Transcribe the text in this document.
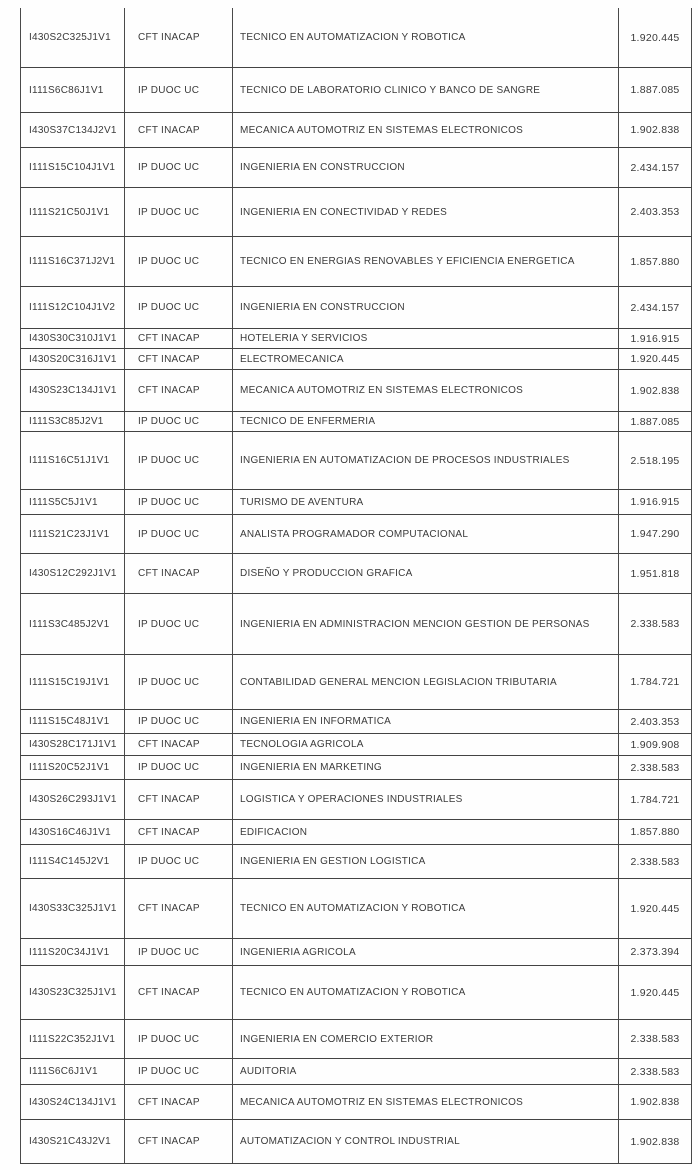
I430S2C325J1V1	CFT INACAP	TECNICO EN AUTOMATIZACION Y ROBOTICA	1.920.445
I111S6C86J1V1	IP DUOC UC	TECNICO DE LABORATORIO CLINICO Y BANCO DE SANGRE	1.887.085
I430S37C134J2V1	CFT INACAP	MECANICA AUTOMOTRIZ EN SISTEMAS ELECTRONICOS	1.902.838
I111S15C104J1V1	IP DUOC UC	INGENIERIA EN CONSTRUCCION	2.434.157
I111S21C50J1V1	IP DUOC UC	INGENIERIA EN CONECTIVIDAD Y REDES	2.403.353
I111S16C371J2V1	IP DUOC UC	TECNICO EN ENERGIAS RENOVABLES Y EFICIENCIA ENERGETICA	1.857.880
I111S12C104J1V2	IP DUOC UC	INGENIERIA EN CONSTRUCCION	2.434.157
I430S30C310J1V1	CFT INACAP	HOTELERIA Y SERVICIOS	1.916.915
I430S20C316J1V1	CFT INACAP	ELECTROMECANICA	1.920.445
I430S23C134J1V1	CFT INACAP	MECANICA AUTOMOTRIZ EN SISTEMAS ELECTRONICOS	1.902.838
I111S3C85J2V1	IP DUOC UC	TECNICO DE ENFERMERIA	1.887.085
I111S16C51J1V1	IP DUOC UC	INGENIERIA EN AUTOMATIZACION DE PROCESOS INDUSTRIALES	2.518.195
I111S5C5J1V1	IP DUOC UC	TURISMO DE AVENTURA	1.916.915
I111S21C23J1V1	IP DUOC UC	ANALISTA PROGRAMADOR COMPUTACIONAL	1.947.290
I430S12C292J1V1	CFT INACAP	DISEÑO Y PRODUCCION GRAFICA	1.951.818
I111S3C485J2V1	IP DUOC UC	INGENIERIA EN ADMINISTRACION MENCION GESTION DE PERSONAS	2.338.583
I111S15C19J1V1	IP DUOC UC	CONTABILIDAD GENERAL MENCION LEGISLACION TRIBUTARIA	1.784.721
I111S15C48J1V1	IP DUOC UC	INGENIERIA EN INFORMATICA	2.403.353
I430S28C171J1V1	CFT INACAP	TECNOLOGIA AGRICOLA	1.909.908
I111S20C52J1V1	IP DUOC UC	INGENIERIA EN MARKETING	2.338.583
I430S26C293J1V1	CFT INACAP	LOGISTICA Y OPERACIONES INDUSTRIALES	1.784.721
I430S16C46J1V1	CFT INACAP	EDIFICACION	1.857.880
I111S4C145J2V1	IP DUOC UC	INGENIERIA EN GESTION LOGISTICA	2.338.583
I430S33C325J1V1	CFT INACAP	TECNICO EN AUTOMATIZACION Y ROBOTICA	1.920.445
I111S20C34J1V1	IP DUOC UC	INGENIERIA AGRICOLA	2.373.394
I430S23C325J1V1	CFT INACAP	TECNICO EN AUTOMATIZACION Y ROBOTICA	1.920.445
I111S22C352J1V1	IP DUOC UC	INGENIERIA EN COMERCIO EXTERIOR	2.338.583
I111S6C6J1V1	IP DUOC UC	AUDITORIA	2.338.583
I430S24C134J1V1	CFT INACAP	MECANICA AUTOMOTRIZ EN SISTEMAS ELECTRONICOS	1.902.838
I430S21C43J2V1	CFT INACAP	AUTOMATIZACION Y CONTROL INDUSTRIAL	1.902.838
